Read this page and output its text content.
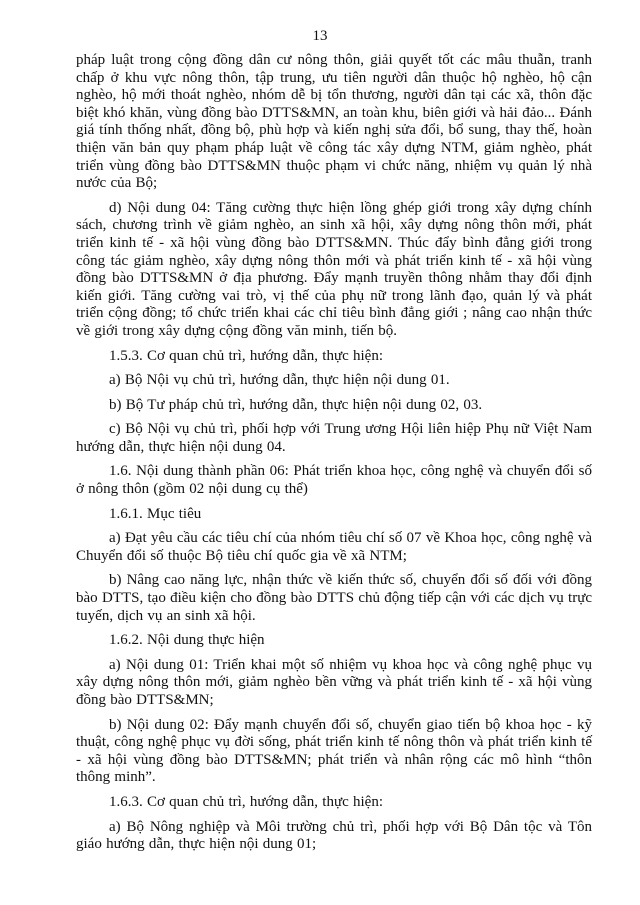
13

pháp luật trong cộng đồng dân cư nông thôn, giải quyết tốt các mâu thuẫn, tranh chấp ở khu vực nông thôn, tập trung, ưu tiên người dân thuộc hộ nghèo, hộ cận nghèo, hộ mới thoát nghèo, nhóm dễ bị tổn thương, người dân tại các xã, thôn đặc biệt khó khăn, vùng đồng bào DTTS&MN, an toàn khu, biên giới và hải đảo... Đánh giá tính thống nhất, đồng bộ, phù hợp và kiến nghị sửa đổi, bổ sung, thay thế, hoàn thiện văn bản quy phạm pháp luật về công tác xây dựng NTM, giảm nghèo, phát triển vùng đồng bào DTTS&MN thuộc phạm vi chức năng, nhiệm vụ quản lý nhà nước của Bộ;

d) Nội dung 04: Tăng cường thực hiện lồng ghép giới trong xây dựng chính sách, chương trình về giảm nghèo, an sinh xã hội, xây dựng nông thôn mới, phát triển kinh tế - xã hội vùng đồng bào DTTS&MN. Thúc đẩy bình đẳng giới trong công tác giảm nghèo, xây dựng nông thôn mới và phát triển kinh tế - xã hội vùng đồng bào DTTS&MN ở địa phương. Đẩy mạnh truyền thông nhằm thay đổi định kiến giới. Tăng cường vai trò, vị thế của phụ nữ trong lãnh đạo, quản lý và phát triển cộng đồng; tổ chức triển khai các chỉ tiêu bình đẳng giới ; nâng cao nhận thức về giới trong xây dựng cộng đồng văn minh, tiến bộ.

1.5.3. Cơ quan chủ trì, hướng dẫn, thực hiện:

a) Bộ Nội vụ chủ trì, hướng dẫn, thực hiện nội dung 01.

b) Bộ Tư pháp chủ trì, hướng dẫn, thực hiện nội dung 02, 03.

c) Bộ Nội vụ chủ trì, phối hợp với Trung ương Hội liên hiệp Phụ nữ Việt Nam hướng dẫn, thực hiện nội dung 04.

1.6. Nội dung thành phần 06: Phát triển khoa học, công nghệ và chuyển đổi số ở nông thôn (gồm 02 nội dung cụ thể)

1.6.1. Mục tiêu

a) Đạt yêu cầu các tiêu chí của nhóm tiêu chí số 07 về Khoa học, công nghệ và Chuyển đổi số thuộc Bộ tiêu chí quốc gia về xã NTM;

b) Nâng cao năng lực, nhận thức về kiến thức số, chuyển đổi số đối với đồng bào DTTS, tạo điều kiện cho đồng bào DTTS chủ động tiếp cận với các dịch vụ trực tuyến, dịch vụ an sinh xã hội.

1.6.2. Nội dung thực hiện

a) Nội dung 01: Triển khai một số nhiệm vụ khoa học và công nghệ phục vụ xây dựng nông thôn mới, giảm nghèo bền vững và phát triển kinh tế - xã hội vùng đồng bào DTTS&MN;

b) Nội dung 02: Đẩy mạnh chuyển đổi số, chuyển giao tiến bộ khoa học - kỹ thuật, công nghệ phục vụ đời sống, phát triển kinh tế nông thôn và phát triển kinh tế - xã hội vùng đồng bào DTTS&MN; phát triển và nhân rộng các mô hình “thôn thông minh”.

1.6.3. Cơ quan chủ trì, hướng dẫn, thực hiện:

a) Bộ Nông nghiệp và Môi trường chủ trì, phối hợp với Bộ Dân tộc và Tôn giáo hướng dẫn, thực hiện nội dung 01;
